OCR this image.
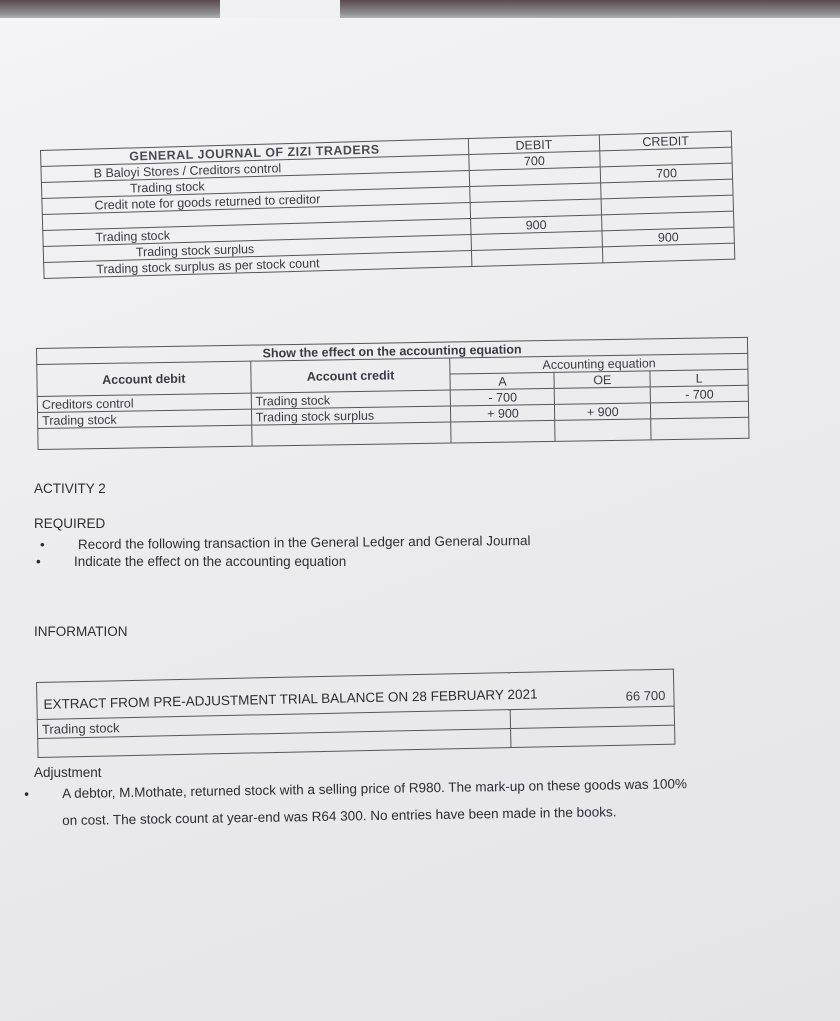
GENERAL JOURNAL OF ZIZI TRADERS	DEBIT	CREDIT
B Baloyi Stores / Creditors control	700	
Trading stock		700
Credit note for goods returned to creditor		

Trading stock	900	
Trading stock surplus		900
Trading stock surplus as per stock count		
Show the effect on the accounting equation				
Account debit	Account credit	Accounting equation		
		A	OE	L
Creditors control	Trading stock	- 700		- 700
Trading stock	Trading stock surplus	+ 900	+ 900	

ACTIVITY 2
REQUIRED
• Record the following transaction in the General Ledger and General Journal
• Indicate the effect on the accounting equation
INFORMATION
EXTRACT FROM PRE-ADJUSTMENT TRIAL BALANCE ON 28 FEBRUARY 2021 66 700	

Trading stock	

Adjustment
• A debtor, M.Mothate, returned stock with a selling price of R980. The mark-up on these goods was 100%
on cost. The stock count at year-end was R64 300. No entries have been made in the books.
